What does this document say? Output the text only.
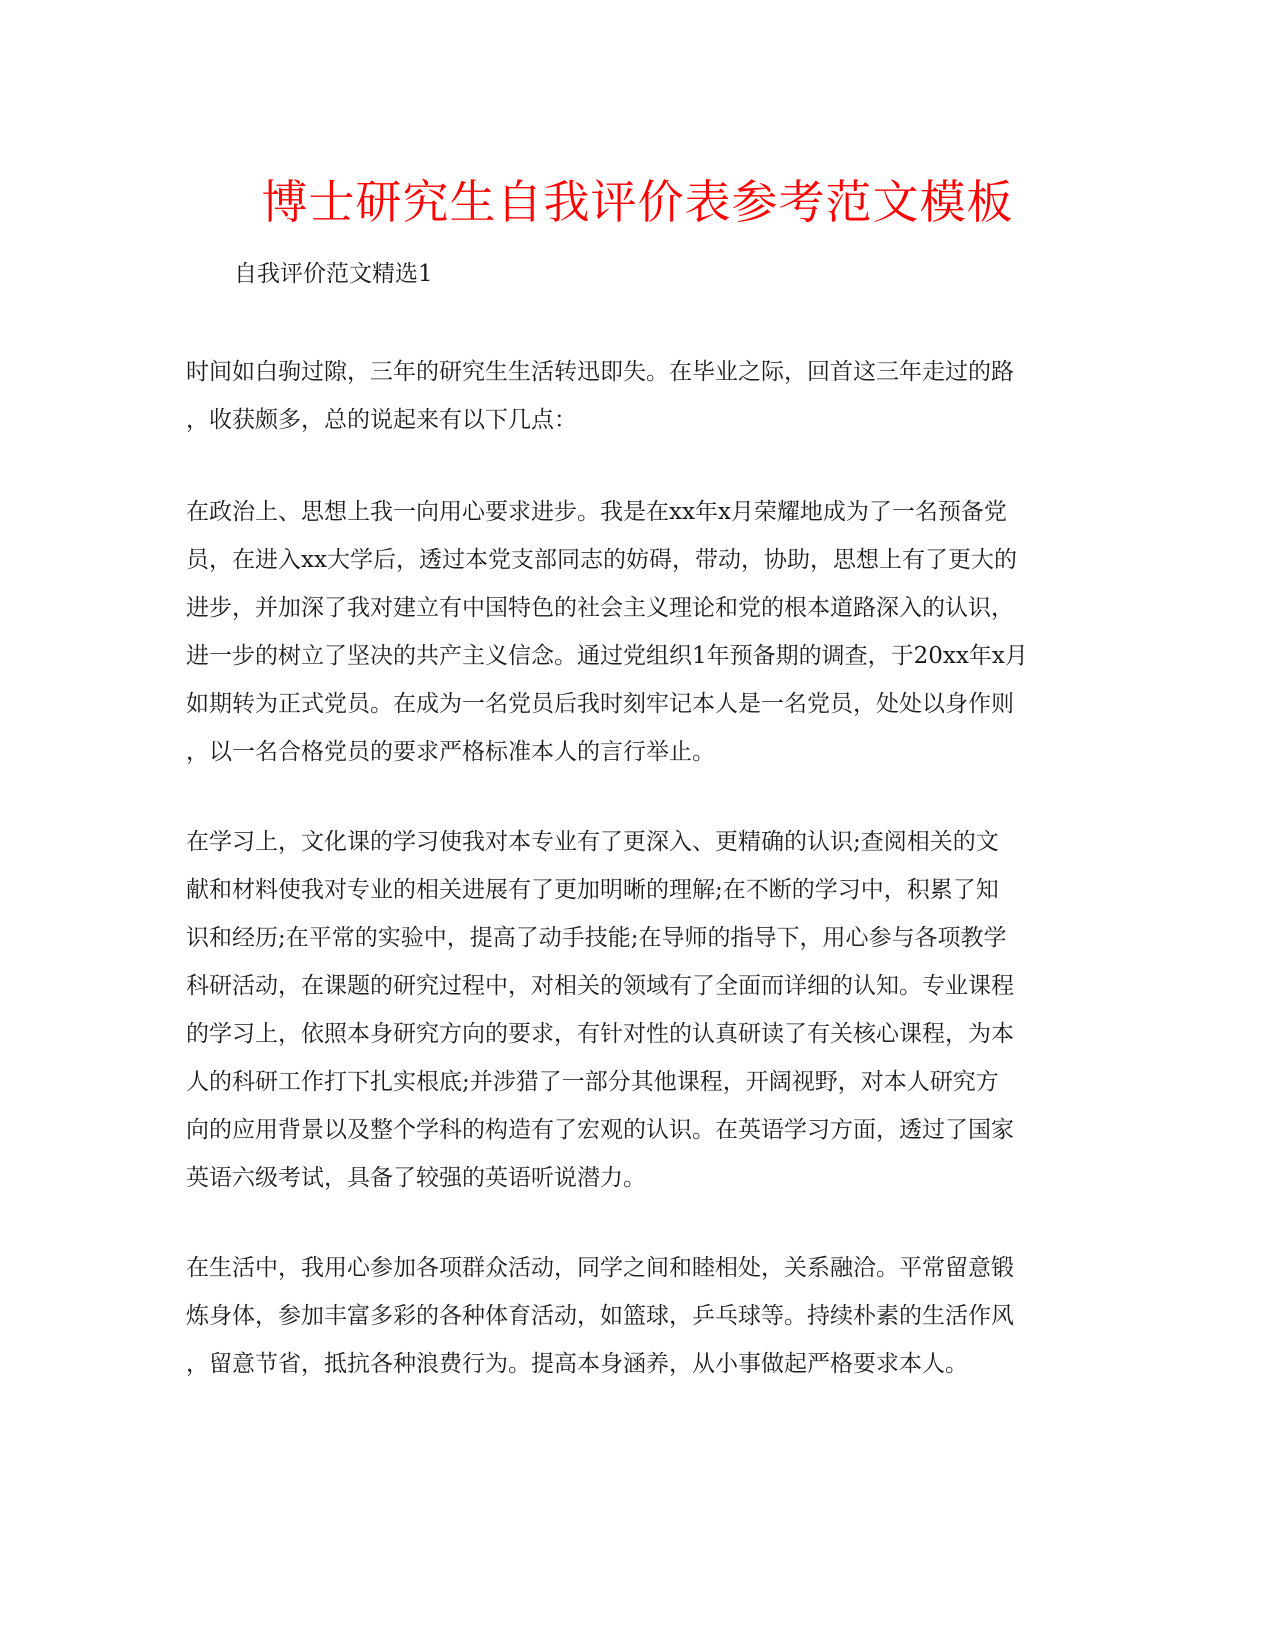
博士研究生自我评价表参考范文模板
自我评价范文精选1
时间如白驹过隙，三年的研究生生活转迅即失。在毕业之际，回首这三年走过的路
，收获颇多，总的说起来有以下几点：
在政治上、思想上我一向用心要求进步。我是在xx年x月荣耀地成为了一名预备党
员，在进入xx大学后，透过本党支部同志的妨碍，带动，协助，思想上有了更大的
进步，并加深了我对建立有中国特色的社会主义理论和党的根本道路深入的认识，
进一步的树立了坚决的共产主义信念。通过党组织1年预备期的调查，于20xx年x月
如期转为正式党员。在成为一名党员后我时刻牢记本人是一名党员，处处以身作则
，以一名合格党员的要求严格标准本人的言行举止。
在学习上，文化课的学习使我对本专业有了更深入、更精确的认识;查阅相关的文
献和材料使我对专业的相关进展有了更加明晰的理解;在不断的学习中，积累了知
识和经历;在平常的实验中，提高了动手技能;在导师的指导下，用心参与各项教学
科研活动，在课题的研究过程中，对相关的领域有了全面而详细的认知。专业课程
的学习上，依照本身研究方向的要求，有针对性的认真研读了有关核心课程，为本
人的科研工作打下扎实根底;并涉猎了一部分其他课程，开阔视野，对本人研究方
向的应用背景以及整个学科的构造有了宏观的认识。在英语学习方面，透过了国家
英语六级考试，具备了较强的英语听说潜力。
在生活中，我用心参加各项群众活动，同学之间和睦相处，关系融洽。平常留意锻
炼身体，参加丰富多彩的各种体育活动，如篮球，乒乓球等。持续朴素的生活作风
，留意节省，抵抗各种浪费行为。提高本身涵养，从小事做起严格要求本人。
